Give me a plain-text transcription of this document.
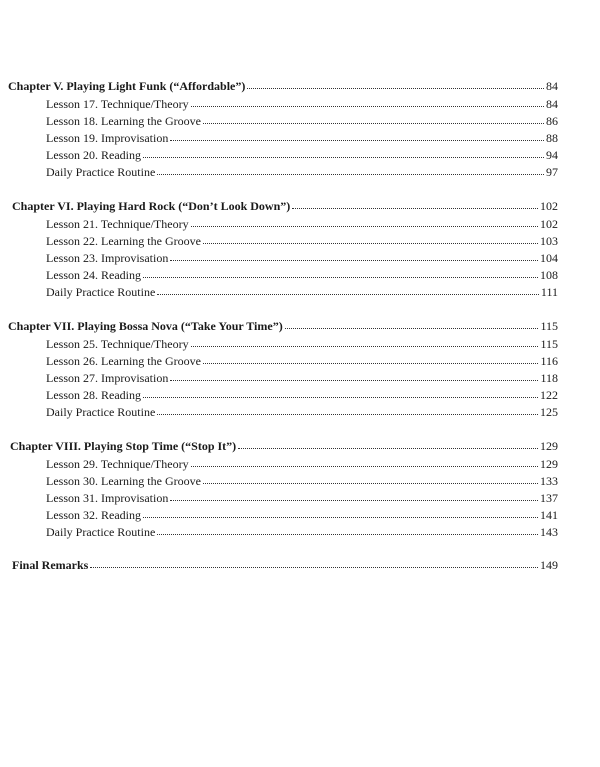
Chapter V. Playing Light Funk (“Affordable”)	84
Lesson 17. Technique/Theory	84
Lesson 18. Learning the Groove	86
Lesson 19. Improvisation	88
Lesson 20. Reading	94
Daily Practice Routine	97
Chapter VI. Playing Hard Rock (“Don’t Look Down”)	102
Lesson 21. Technique/Theory	102
Lesson 22. Learning the Groove	103
Lesson 23. Improvisation	104
Lesson 24. Reading	108
Daily Practice Routine	111
Chapter VII. Playing Bossa Nova (“Take Your Time”)	115
Lesson 25. Technique/Theory	115
Lesson 26. Learning the Groove	116
Lesson 27. Improvisation	118
Lesson 28. Reading	122
Daily Practice Routine	125
Chapter VIII. Playing Stop Time (“Stop It”)	129
Lesson 29. Technique/Theory	129
Lesson 30. Learning the Groove	133
Lesson 31. Improvisation	137
Lesson 32. Reading	141
Daily Practice Routine	143
Final Remarks	149
